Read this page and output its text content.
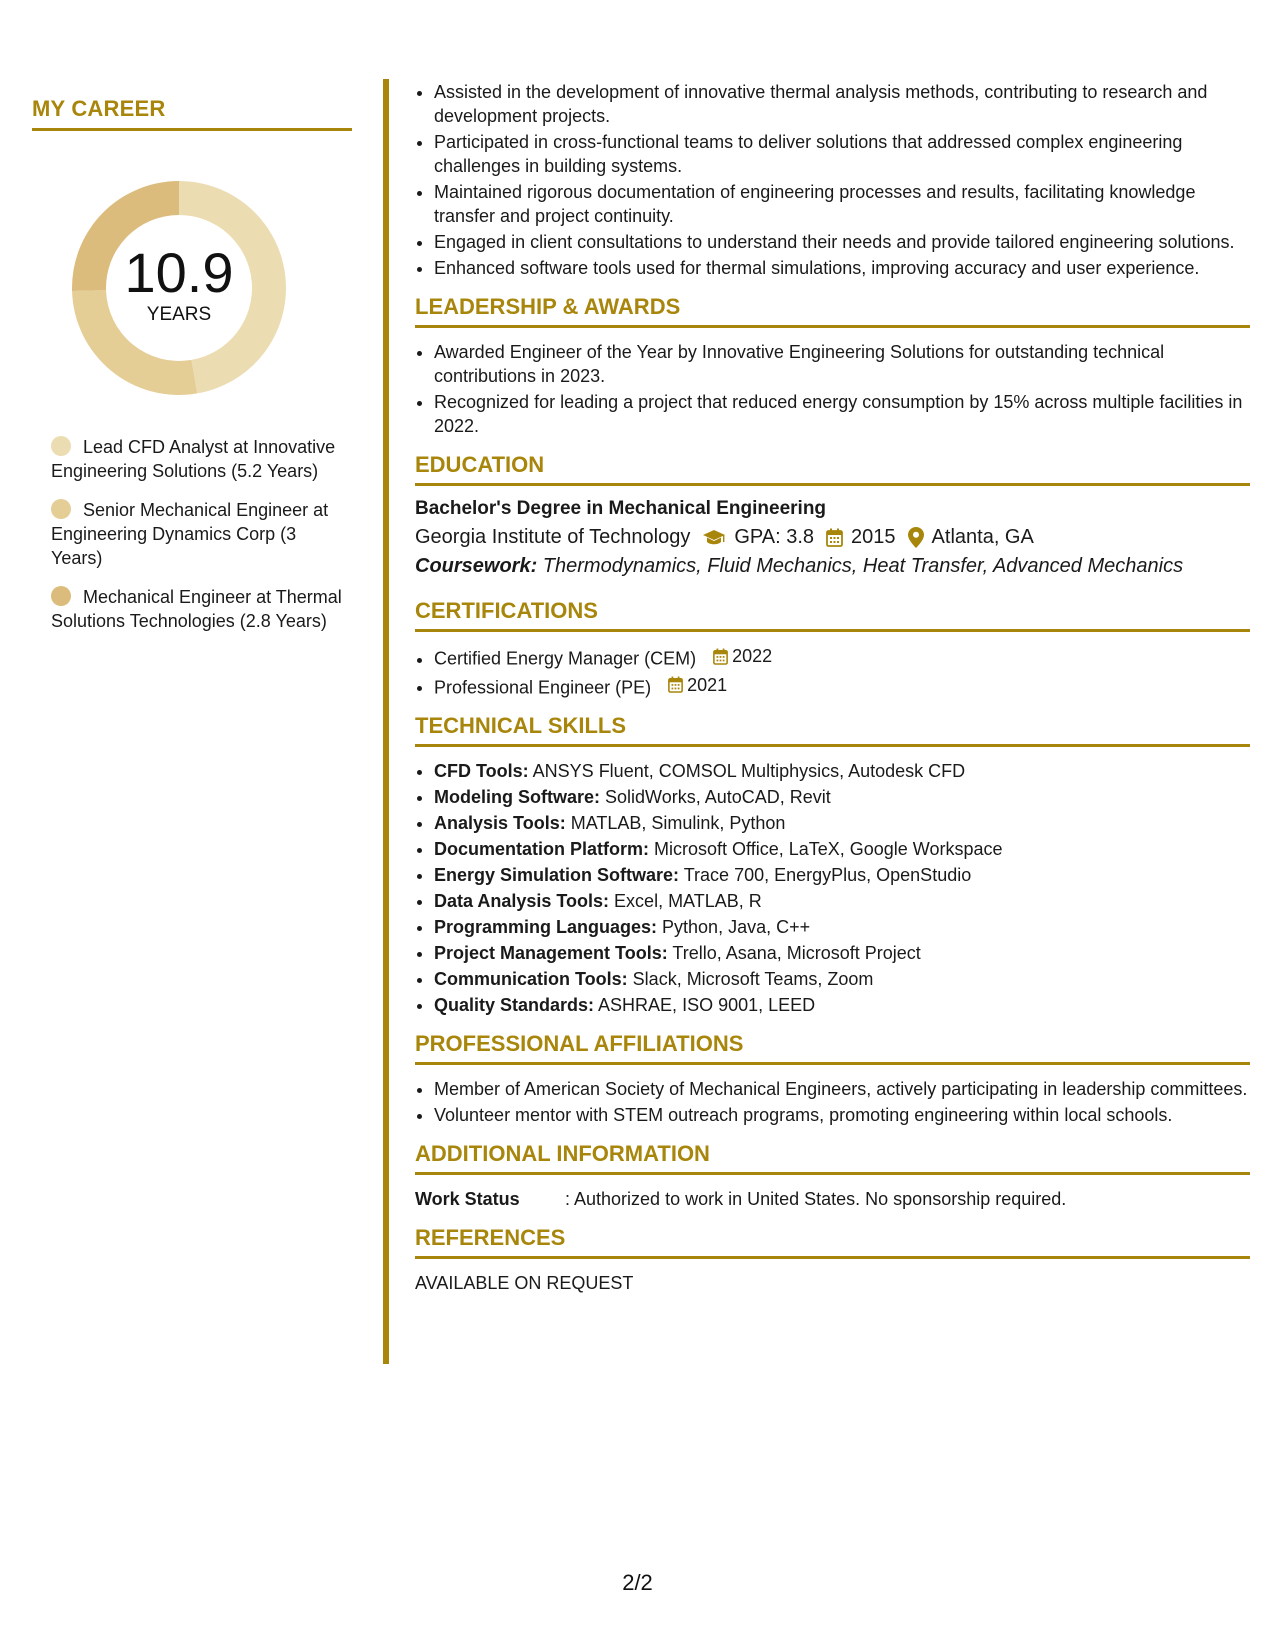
MY CAREER
10.9
YEARS
Lead CFD Analyst at Innovative Engineering Solutions (5.2 Years)
Senior Mechanical Engineer at Engineering Dynamics Corp (3 Years)
Mechanical Engineer at Thermal Solutions Technologies (2.8 Years)
• Assisted in the development of innovative thermal analysis methods, contributing to research and development projects.
• Participated in cross-functional teams to deliver solutions that addressed complex engineering challenges in building systems.
• Maintained rigorous documentation of engineering processes and results, facilitating knowledge transfer and project continuity.
• Engaged in client consultations to understand their needs and provide tailored engineering solutions.
• Enhanced software tools used for thermal simulations, improving accuracy and user experience.
LEADERSHIP & AWARDS
• Awarded Engineer of the Year by Innovative Engineering Solutions for outstanding technical contributions in 2023.
• Recognized for leading a project that reduced energy consumption by 15% across multiple facilities in 2022.
EDUCATION
Bachelor's Degree in Mechanical Engineering
Georgia Institute of Technology GPA: 3.8 2015 Atlanta, GA
Coursework: Thermodynamics, Fluid Mechanics, Heat Transfer, Advanced Mechanics
CERTIFICATIONS
• Certified Energy Manager (CEM) 2022
• Professional Engineer (PE) 2021
TECHNICAL SKILLS
• CFD Tools: ANSYS Fluent, COMSOL Multiphysics, Autodesk CFD
• Modeling Software: SolidWorks, AutoCAD, Revit
• Analysis Tools: MATLAB, Simulink, Python
• Documentation Platform: Microsoft Office, LaTeX, Google Workspace
• Energy Simulation Software: Trace 700, EnergyPlus, OpenStudio
• Data Analysis Tools: Excel, MATLAB, R
• Programming Languages: Python, Java, C++
• Project Management Tools: Trello, Asana, Microsoft Project
• Communication Tools: Slack, Microsoft Teams, Zoom
• Quality Standards: ASHRAE, ISO 9001, LEED
PROFESSIONAL AFFILIATIONS
• Member of American Society of Mechanical Engineers, actively participating in leadership committees.
• Volunteer mentor with STEM outreach programs, promoting engineering within local schools.
ADDITIONAL INFORMATION
Work Status	: Authorized to work in United States. No sponsorship required.
REFERENCES
AVAILABLE ON REQUEST
2/2
